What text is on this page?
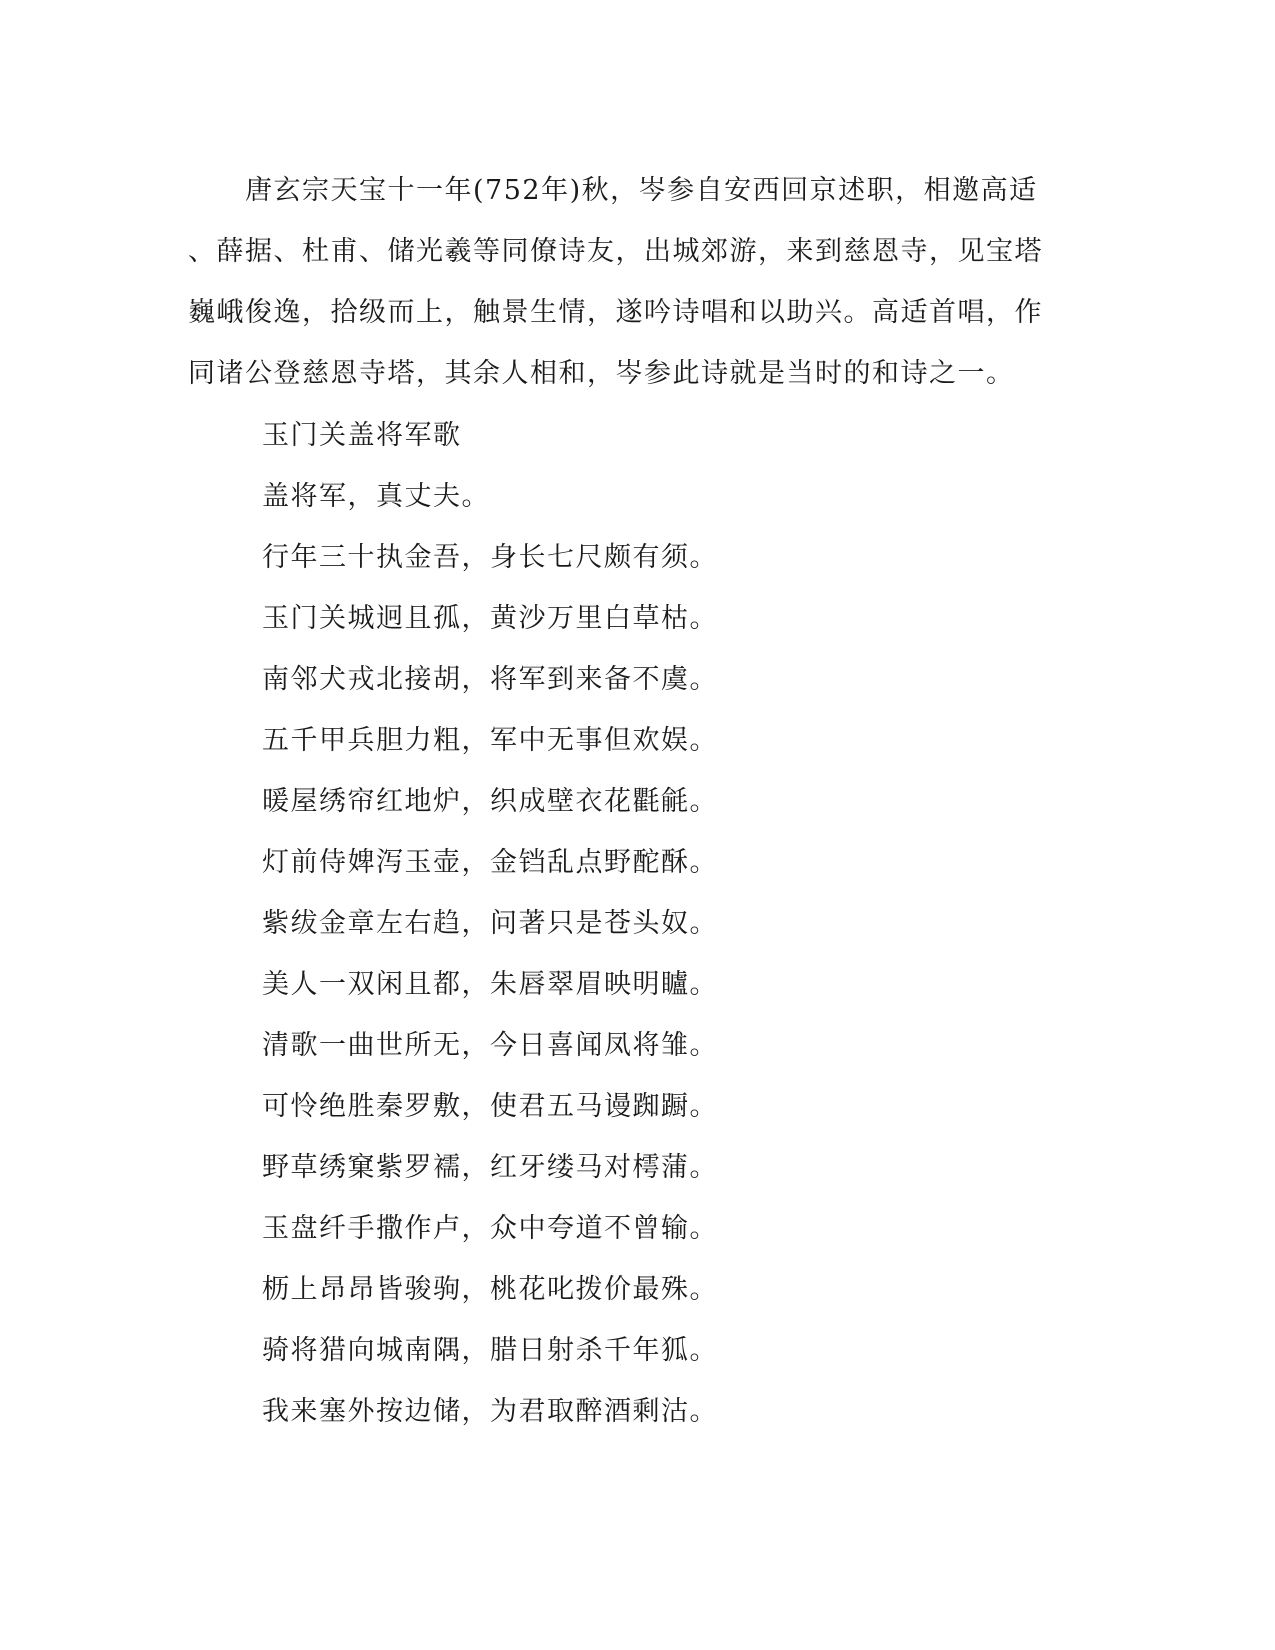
　　唐玄宗天宝十一年(752年)秋，岑参自安西回京述职，相邀高适
、薛据、杜甫、储光羲等同僚诗友，出城郊游，来到慈恩寺，见宝塔
巍峨俊逸，拾级而上，触景生情，遂吟诗唱和以助兴。高适首唱，作
同诸公登慈恩寺塔，其余人相和，岑参此诗就是当时的和诗之一。
玉门关盖将军歌
盖将军，真丈夫。
行年三十执金吾，身长七尺颇有须。
玉门关城迥且孤，黄沙万里白草枯。
南邻犬戎北接胡，将军到来备不虞。
五千甲兵胆力粗，军中无事但欢娱。
暖屋绣帘红地炉，织成壁衣花氍毹。
灯前侍婢泻玉壶，金铛乱点野酡酥。
紫绂金章左右趋，问著只是苍头奴。
美人一双闲且都，朱唇翠眉映明矑。
清歌一曲世所无，今日喜闻凤将雏。
可怜绝胜秦罗敷，使君五马谩踟蹰。
野草绣窠紫罗襦，红牙缕马对樗蒲。
玉盘纤手撒作卢，众中夸道不曾输。
枥上昂昂皆骏驹，桃花叱拨价最殊。
骑将猎向城南隅，腊日射杀千年狐。
我来塞外按边储，为君取醉酒剩沽。
